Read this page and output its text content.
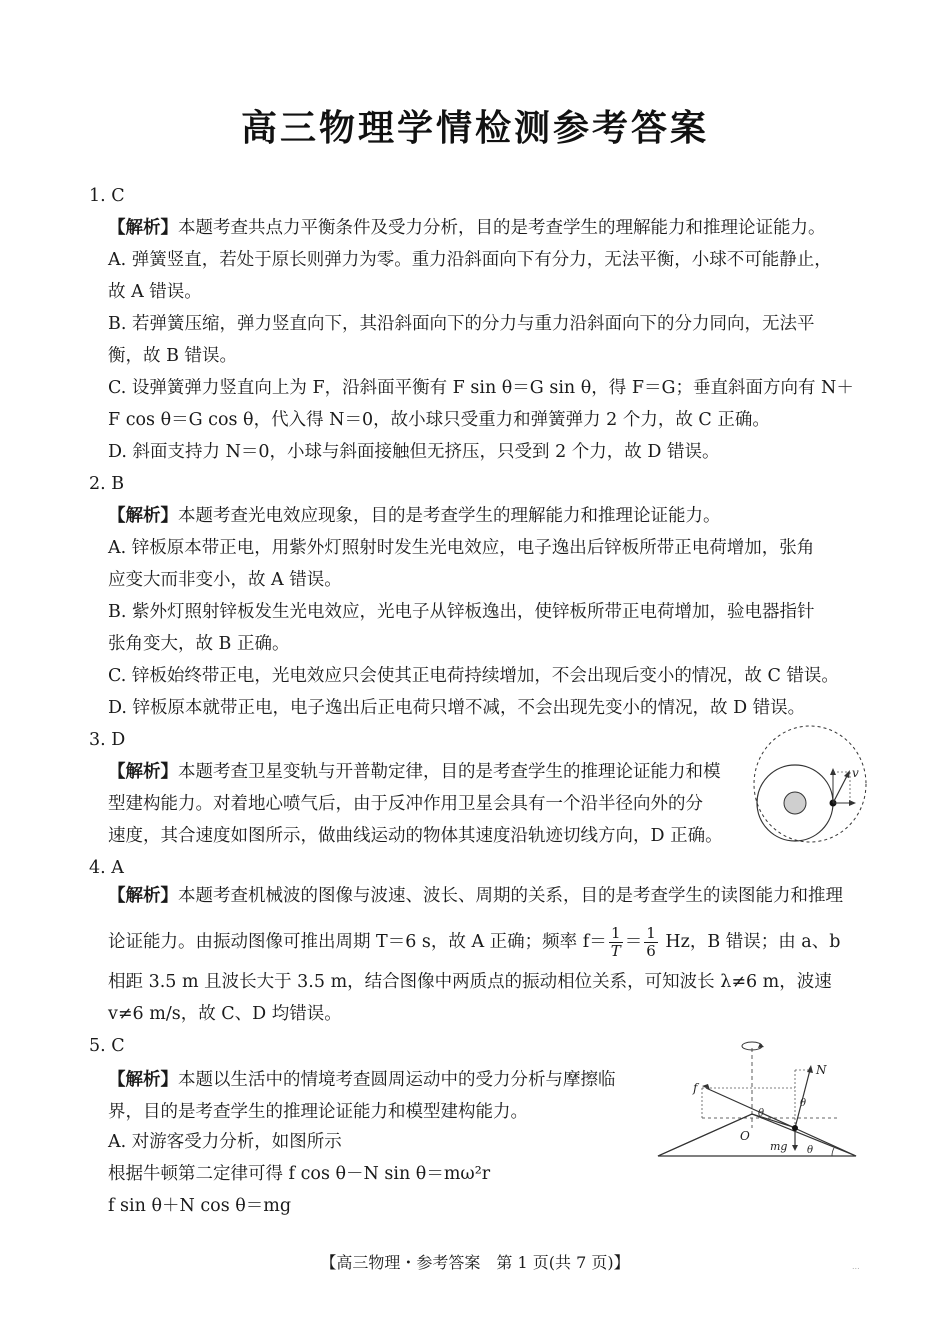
高三物理学情检测参考答案
1. C
【解析】本题考查共点力平衡条件及受力分析，目的是考查学生的理解能力和推理论证能力。
A. 弹簧竖直，若处于原长则弹力为零。重力沿斜面向下有分力，无法平衡，小球不可能静止，
故 A 错误。
B. 若弹簧压缩，弹力竖直向下，其沿斜面向下的分力与重力沿斜面向下的分力同向，无法平
衡，故 B 错误。
C. 设弹簧弹力竖直向上为 F，沿斜面平衡有 F sin θ＝G sin θ，得 F＝G；垂直斜面方向有 N＋
F cos θ＝G cos θ，代入得 N＝0，故小球只受重力和弹簧弹力 2 个力，故 C 正确。
D. 斜面支持力 N＝0，小球与斜面接触但无挤压，只受到 2 个力，故 D 错误。
2. B
【解析】本题考查光电效应现象，目的是考查学生的理解能力和推理论证能力。
A. 锌板原本带正电，用紫外灯照射时发生光电效应，电子逸出后锌板所带正电荷增加，张角
应变大而非变小，故 A 错误。
B. 紫外灯照射锌板发生光电效应，光电子从锌板逸出，使锌板所带正电荷增加，验电器指针
张角变大，故 B 正确。
C. 锌板始终带正电，光电效应只会使其正电荷持续增加，不会出现后变小的情况，故 C 错误。
D. 锌板原本就带正电，电子逸出后正电荷只增不减，不会出现先变小的情况，故 D 错误。
3. D
【解析】本题考查卫星变轨与开普勒定律，目的是考查学生的推理论证能力和模
型建构能力。对着地心喷气后，由于反冲作用卫星会具有一个沿半径向外的分
速度，其合速度如图所示，做曲线运动的物体其速度沿轨迹切线方向，D 正确。
v
4. A
【解析】本题考查机械波的图像与波速、波长、周期的关系，目的是考查学生的读图能力和推理
论证能力。由振动图像可推出周期 T＝6 s，故 A 正确；频率 $f= \frac{1}{T} = \frac{1}{6}$ Hz，B 错误；由 a、b
相距 3.5 m 且波长大于 3.5 m，结合图像中两质点的振动相位关系，可知波长 λ≠6 m，波速
v≠6 m/s，故 C、D 均错误。
5. C
【解析】本题以生活中的情境考查圆周运动中的受力分析与摩擦临
界，目的是考查学生的推理论证能力和模型建构能力。
A. 对游客受力分析，如图所示
根据牛顿第二定律可得 f cos θ－N sin θ＝mω²r
f sin θ＋N cos θ＝mg
N
f
O
mg
θ
θ
θ
【高三物理・参考答案　第 1 页(共 7 页)】	...
